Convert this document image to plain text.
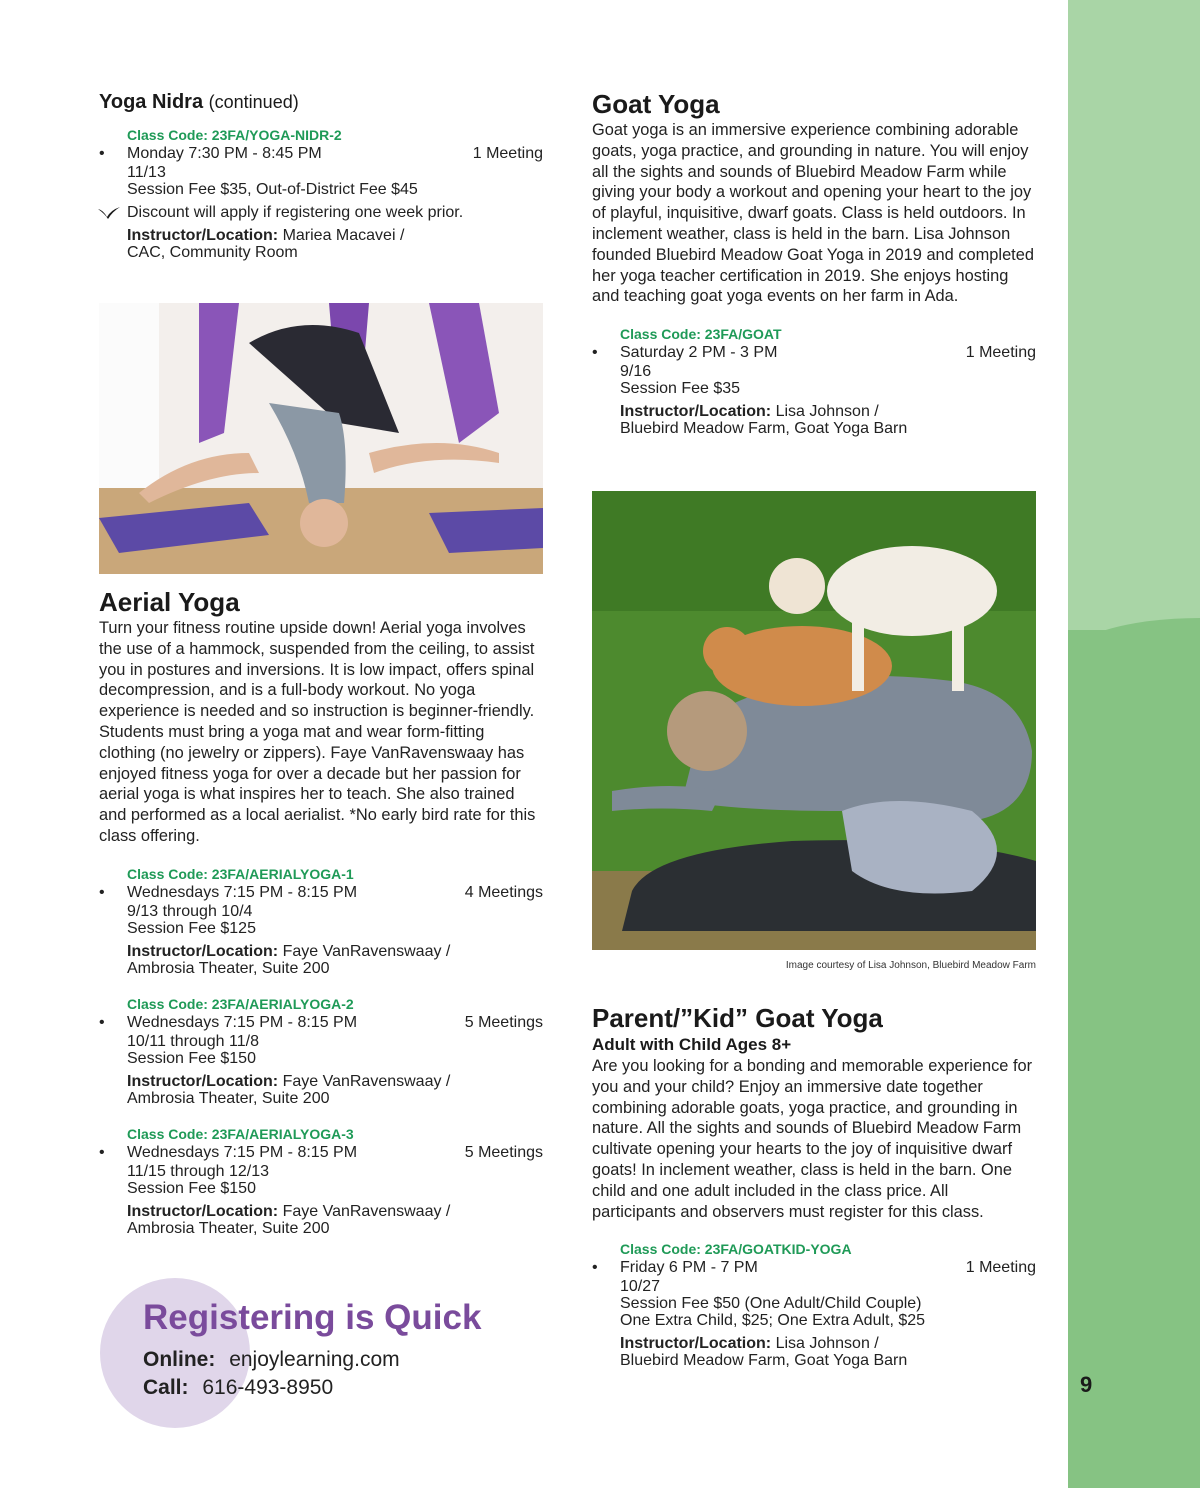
9
Yoga Nidra (continued)
Class Code: 23FA/YOGA-NIDR-2
• Monday 7:30 PM - 8:45 PM	1 Meeting
11/13
Session Fee $35, Out-of-District Fee $45
Discount will apply if registering one week prior.
Instructor/Location: Mariea Macavei /
CAC, Community Room
Aerial Yoga

Turn your fitness routine upside down! Aerial yoga involves the use of a hammock, suspended from the ceiling, to assist you in postures and inversions. It is low impact, offers spinal decompression, and is a full-body workout. No yoga experience is needed and so instruction is beginner-friendly. Students must bring a yoga mat and wear form-fitting clothing (no jewelry or zippers). Faye VanRavenswaay has enjoyed fitness yoga for over a decade but her passion for aerial yoga is what inspires her to teach. She also trained and performed as a local aerialist. *No early bird rate for this class offering.

Class Code: 23FA/AERIALYOGA-1
• Wednesdays 7:15 PM - 8:15 PM	4 Meetings
9/13 through 10/4
Session Fee $125
Instructor/Location: Faye VanRavenswaay /
Ambrosia Theater, Suite 200
Class Code: 23FA/AERIALYOGA-2
• Wednesdays 7:15 PM - 8:15 PM	5 Meetings
10/11 through 11/8
Session Fee $150
Instructor/Location: Faye VanRavenswaay /
Ambrosia Theater, Suite 200
Class Code: 23FA/AERIALYOGA-3
• Wednesdays 7:15 PM - 8:15 PM	5 Meetings
11/15 through 12/13
Session Fee $150
Instructor/Location: Faye VanRavenswaay /
Ambrosia Theater, Suite 200
Registering is Quick
Online: enjoylearning.com
Call: 616-493-8950
Goat Yoga

Goat yoga is an immersive experience combining adorable goats, yoga practice, and grounding in nature. You will enjoy all the sights and sounds of Bluebird Meadow Farm while giving your body a workout and opening your heart to the joy of playful, inquisitive, dwarf goats. Class is held outdoors. In inclement weather, class is held in the barn. Lisa Johnson founded Bluebird Meadow Goat Yoga in 2019 and completed her yoga teacher certification in 2019. She enjoys hosting and teaching goat yoga events on her farm in Ada.

Class Code: 23FA/GOAT
• Saturday 2 PM - 3 PM	1 Meeting
9/16
Session Fee $35
Instructor/Location: Lisa Johnson /
Bluebird Meadow Farm, Goat Yoga Barn
Image courtesy of Lisa Johnson, Bluebird Meadow Farm
Parent/”Kid” Goat Yoga
Adult with Child Ages 8+

Are you looking for a bonding and memorable experience for you and your child? Enjoy an immersive date together combining adorable goats, yoga practice, and grounding in nature. All the sights and sounds of Bluebird Meadow Farm cultivate opening your hearts to the joy of inquisitive dwarf goats! In inclement weather, class is held in the barn. One child and one adult included in the class price. All participants and observers must register for this class.

Class Code: 23FA/GOATKID-YOGA
• Friday 6 PM - 7 PM	1 Meeting
10/27
Session Fee $50 (One Adult/Child Couple)
One Extra Child, $25; One Extra Adult, $25
Instructor/Location: Lisa Johnson /
Bluebird Meadow Farm, Goat Yoga Barn
